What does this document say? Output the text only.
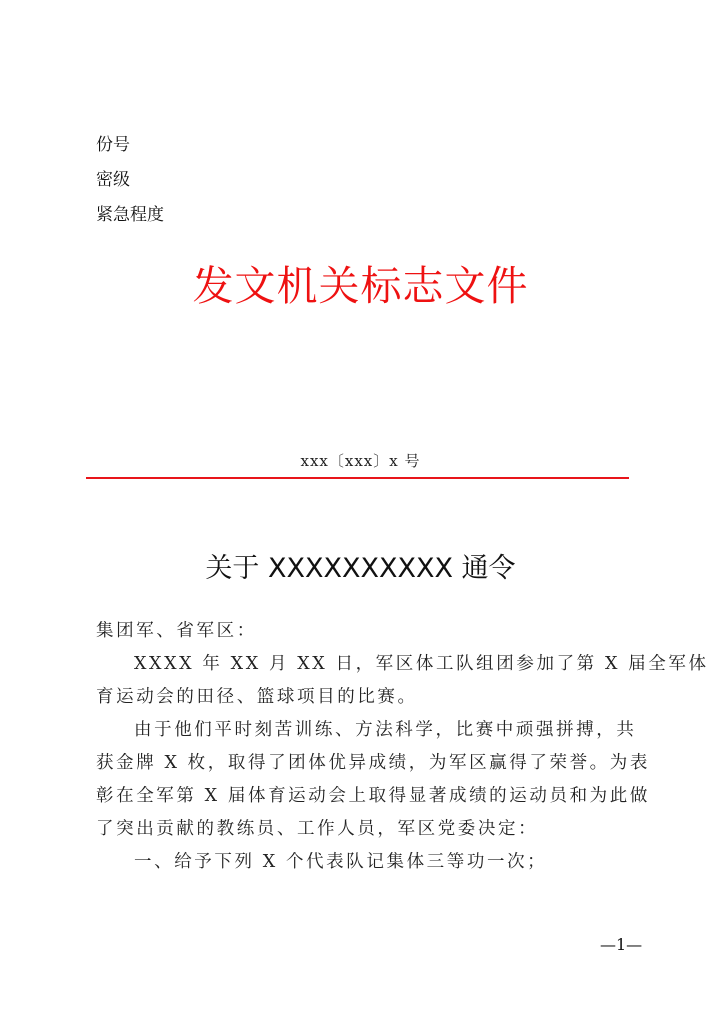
份号
密级
紧急程度
发文机关标志文件
xxx〔xxx〕x 号
关于 XXXXXXXXXX 通令
集团军、省军区：
XXXX 年 XX 月 XX 日，军区体工队组团参加了第 X 届全军体
育运动会的田径、篮球项目的比赛。
由于他们平时刻苦训练、方法科学，比赛中顽强拼搏，共
获金牌 X 枚，取得了团体优异成绩，为军区赢得了荣誉。为表
彰在全军第 X 届体育运动会上取得显著成绩的运动员和为此做
了突出贡献的教练员、工作人员，军区党委决定：
一、给予下列 X 个代表队记集体三等功一次；
—1—
